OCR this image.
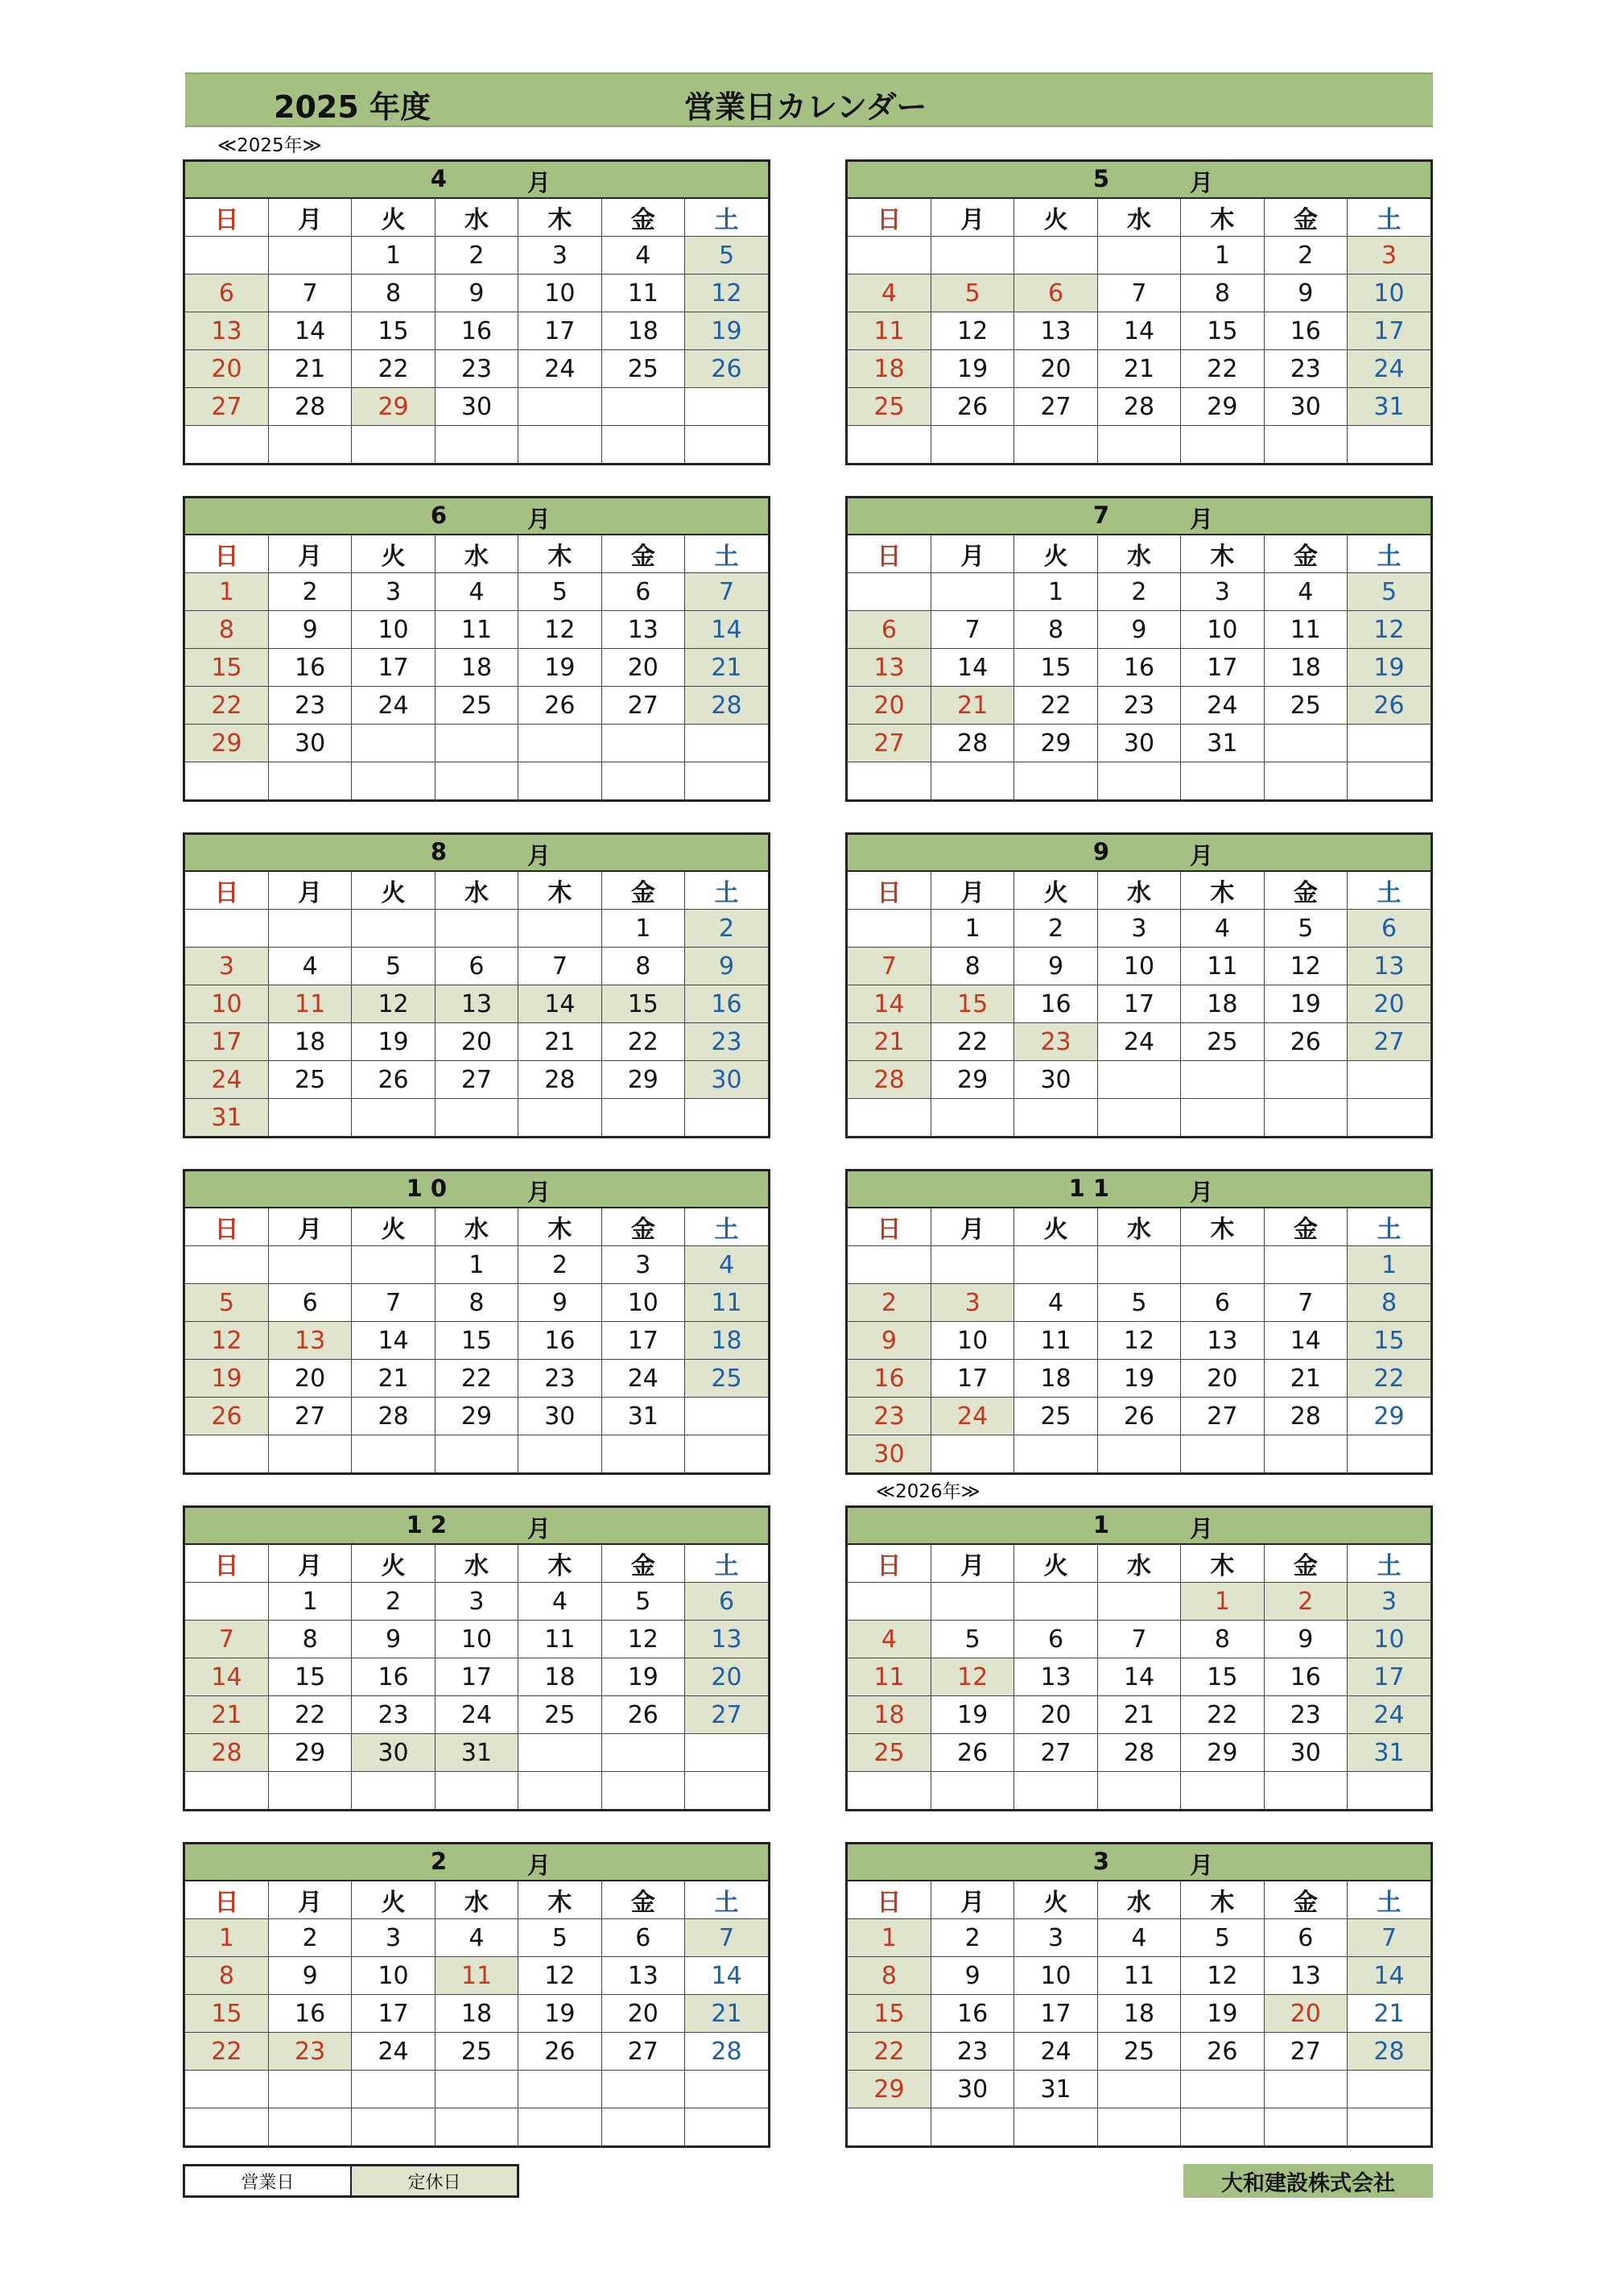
2025 年度	営業日カレンダー
≪2025年≫
≪2026年≫
4	月
日	月	火	水	木	金	土
		1	2	3	4	5
6	7	8	9	10	11	12
13	14	15	16	17	18	19
20	21	22	23	24	25	26
27	28	29	30			

5	月
日	月	火	水	木	金	土
				1	2	3
4	5	6	7	8	9	10
11	12	13	14	15	16	17
18	19	20	21	22	23	24
25	26	27	28	29	30	31

6	月
日	月	火	水	木	金	土
1	2	3	4	5	6	7
8	9	10	11	12	13	14
15	16	17	18	19	20	21
22	23	24	25	26	27	28
29	30					

7	月
日	月	火	水	木	金	土
		1	2	3	4	5
6	7	8	9	10	11	12
13	14	15	16	17	18	19
20	21	22	23	24	25	26
27	28	29	30	31		

8	月
日	月	火	水	木	金	土
					1	2
3	4	5	6	7	8	9
10	11	12	13	14	15	16
17	18	19	20	21	22	23
24	25	26	27	28	29	30
31						
9	月
日	月	火	水	木	金	土
	1	2	3	4	5	6
7	8	9	10	11	12	13
14	15	16	17	18	19	20
21	22	23	24	25	26	27
28	29	30				

10	月
日	月	火	水	木	金	土
			1	2	3	4
5	6	7	8	9	10	11
12	13	14	15	16	17	18
19	20	21	22	23	24	25
26	27	28	29	30	31	

11	月
日	月	火	水	木	金	土
						1
2	3	4	5	6	7	8
9	10	11	12	13	14	15
16	17	18	19	20	21	22
23	24	25	26	27	28	29
30						
12	月
日	月	火	水	木	金	土
	1	2	3	4	5	6
7	8	9	10	11	12	13
14	15	16	17	18	19	20
21	22	23	24	25	26	27
28	29	30	31			

1	月
日	月	火	水	木	金	土
				1	2	3
4	5	6	7	8	9	10
11	12	13	14	15	16	17
18	19	20	21	22	23	24
25	26	27	28	29	30	31

2	月
日	月	火	水	木	金	土
1	2	3	4	5	6	7
8	9	10	11	12	13	14
15	16	17	18	19	20	21
22	23	24	25	26	27	28

3	月
日	月	火	水	木	金	土
1	2	3	4	5	6	7
8	9	10	11	12	13	14
15	16	17	18	19	20	21
22	23	24	25	26	27	28
29	30	31				

営業日	定休日	大和建設株式会社
